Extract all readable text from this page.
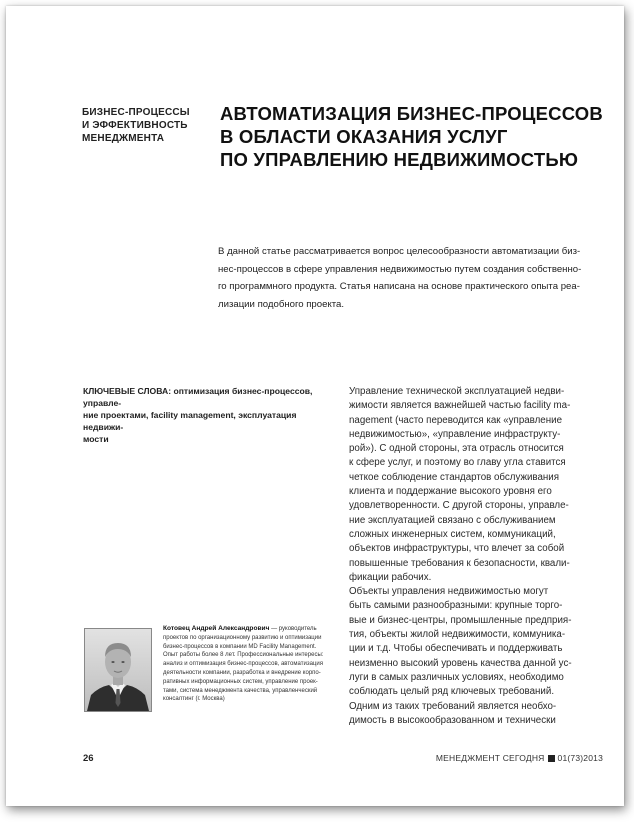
БИЗНЕС-ПРОЦЕССЫ
И ЭФФЕКТИВНОСТЬ
МЕНЕДЖМЕНТА
АВТОМАТИЗАЦИЯ БИЗНЕС-ПРОЦЕССОВ
В ОБЛАСТИ ОКАЗАНИЯ УСЛУГ
ПО УПРАВЛЕНИЮ НЕДВИЖИМОСТЬЮ
В данной статье рассматривается вопрос целесообразности автоматизации биз-
нес-процессов в сфере управления недвижимостью путем создания собственно-
го программного продукта. Статья написана на основе практического опыта реа-
лизации подобного проекта.
КЛЮЧЕВЫЕ СЛОВА: оптимизация бизнес-процессов, управле-
ние проектами, facility management, эксплуатация недвижи-
мости
Управление технической эксплуатацией недви-
жимости является важнейшей частью facility ma-
nagement (часто переводится как «управление
недвижимостью», «управление инфраструкту-
рой»). С одной стороны, эта отрасль относится
к сфере услуг, и поэтому во главу угла ставится
четкое соблюдение стандартов обслуживания
клиента и поддержание высокого уровня его
удовлетворенности. С другой стороны, управле-
ние эксплуатацией связано с обслуживанием
сложных инженерных систем, коммуникаций,
объектов инфраструктуры, что влечет за собой
повышенные требования к безопасности, квали-
фикации рабочих.
Объекты управления недвижимостью могут
быть самыми разнообразными: крупные торго-
вые и бизнес-центры, промышленные предприя-
тия, объекты жилой недвижимости, коммуника-
ции и т.д. Чтобы обеспечивать и поддерживать
неизменно высокий уровень качества данной ус-
луги в самых различных условиях, необходимо
соблюдать целый ряд ключевых требований.
Одним из таких требований является необхо-
димость в высокообразованном и технически
Котовец Андрей Александрович — руководитель
проектов по организационному развитию и оптимизации
бизнес-процессов в компании MD Facility Management.
Опыт работы более 8 лет. Профессиональные интересы:
анализ и оптимизация бизнес-процессов, автоматизация
деятельности компании, разработка и внедрение корпо-
ративных информационных систем, управление проек-
тами, система менеджмента качества, управленческий
консалтинг (г. Москва)
26	МЕНЕДЖМЕНТ СЕГОДНЯ 01(73)2013
